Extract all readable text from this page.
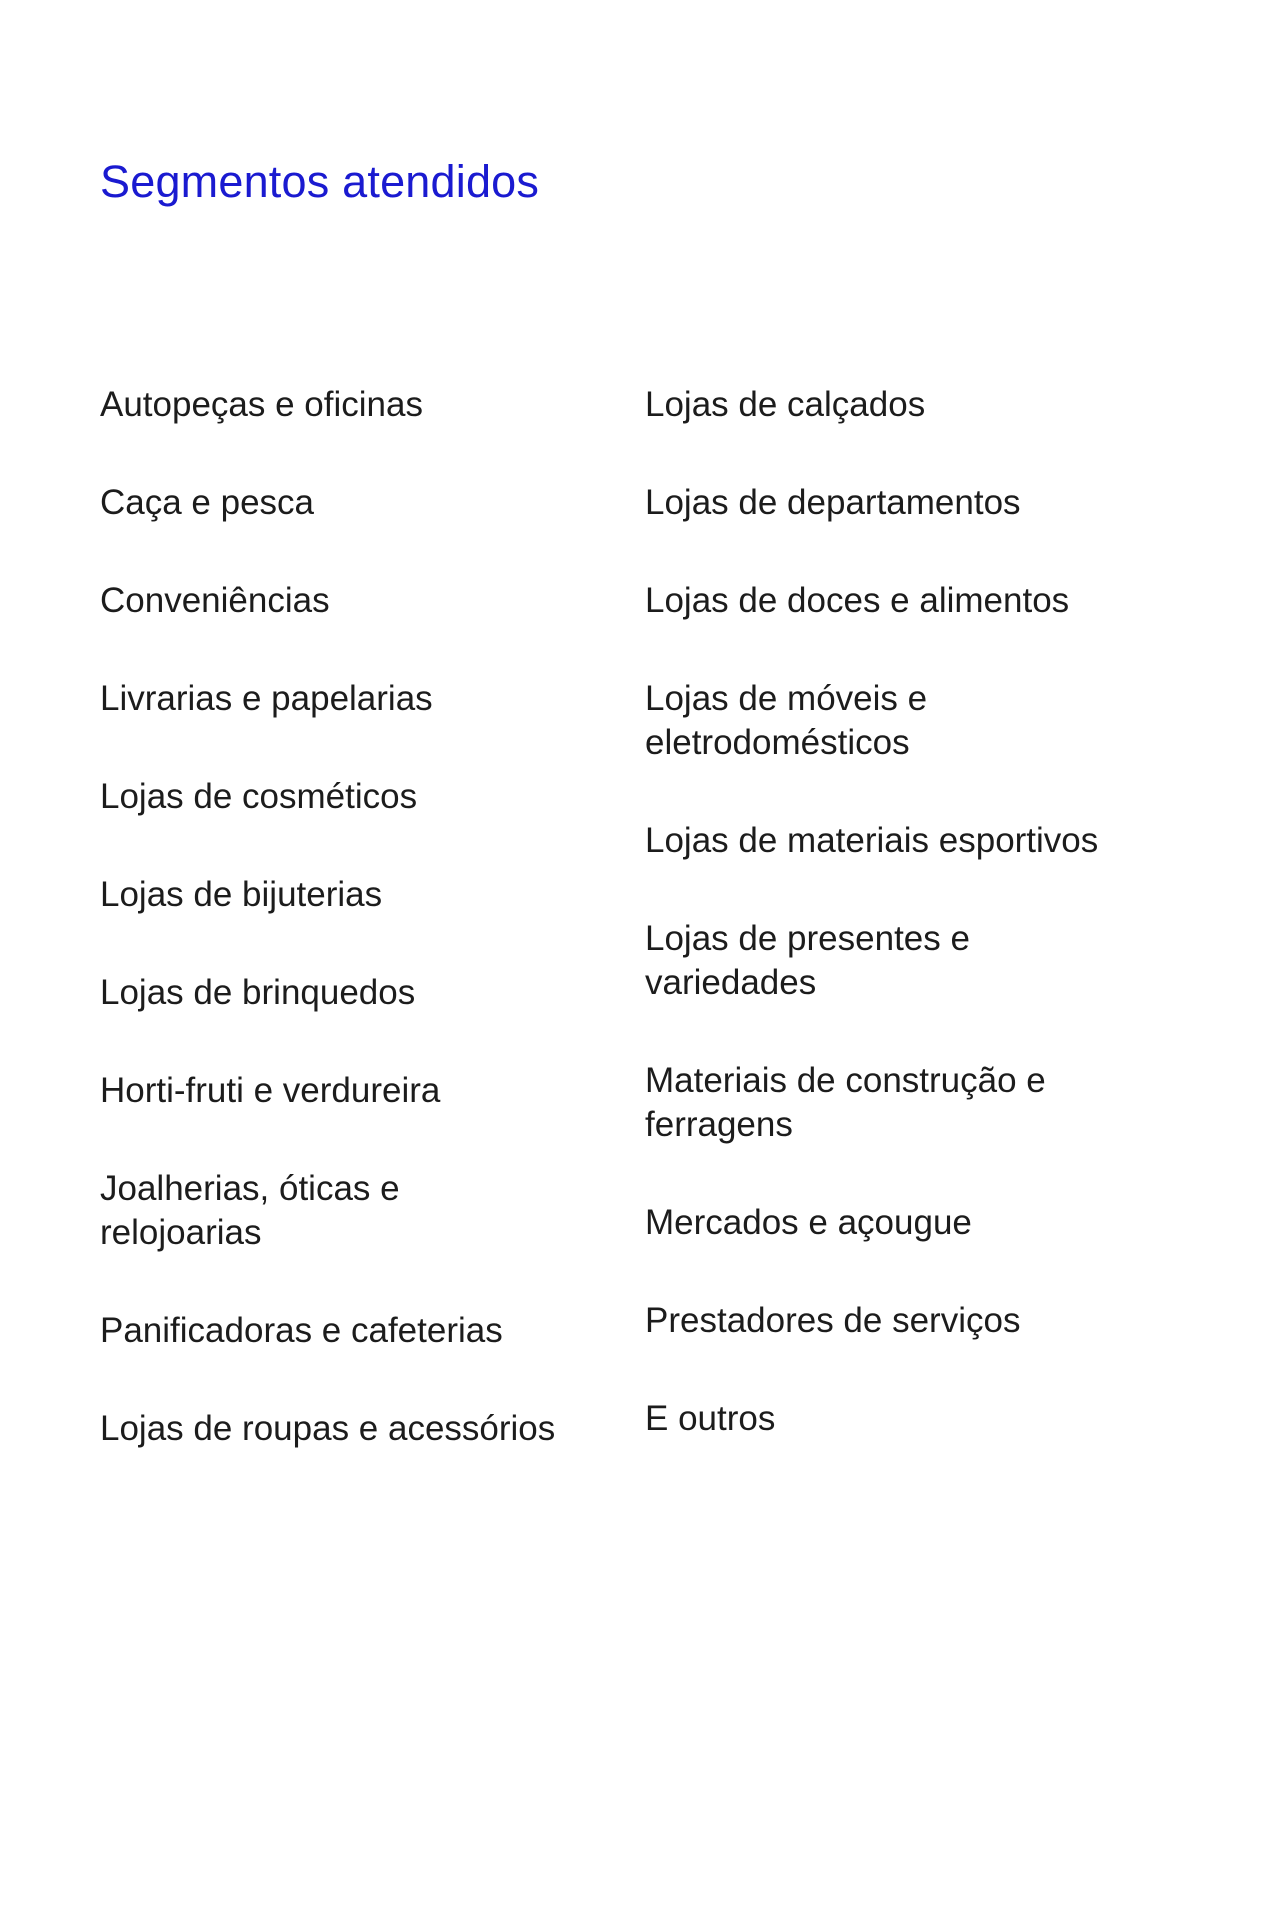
Segmentos atendidos
Autopeças e oficinas
Caça e pesca
Conveniências
Livrarias e papelarias
Lojas de cosméticos
Lojas de bijuterias
Lojas de brinquedos
Horti-fruti e verdureira
Joalherias, óticas e relojoarias
Panificadoras e cafeterias
Lojas de roupas e acessórios
Lojas de calçados
Lojas de departamentos
Lojas de doces e alimentos
Lojas de móveis e eletrodomésticos
Lojas de materiais esportivos
Lojas de presentes e variedades
Materiais de construção e ferragens
Mercados e açougue
Prestadores de serviços
E outros
